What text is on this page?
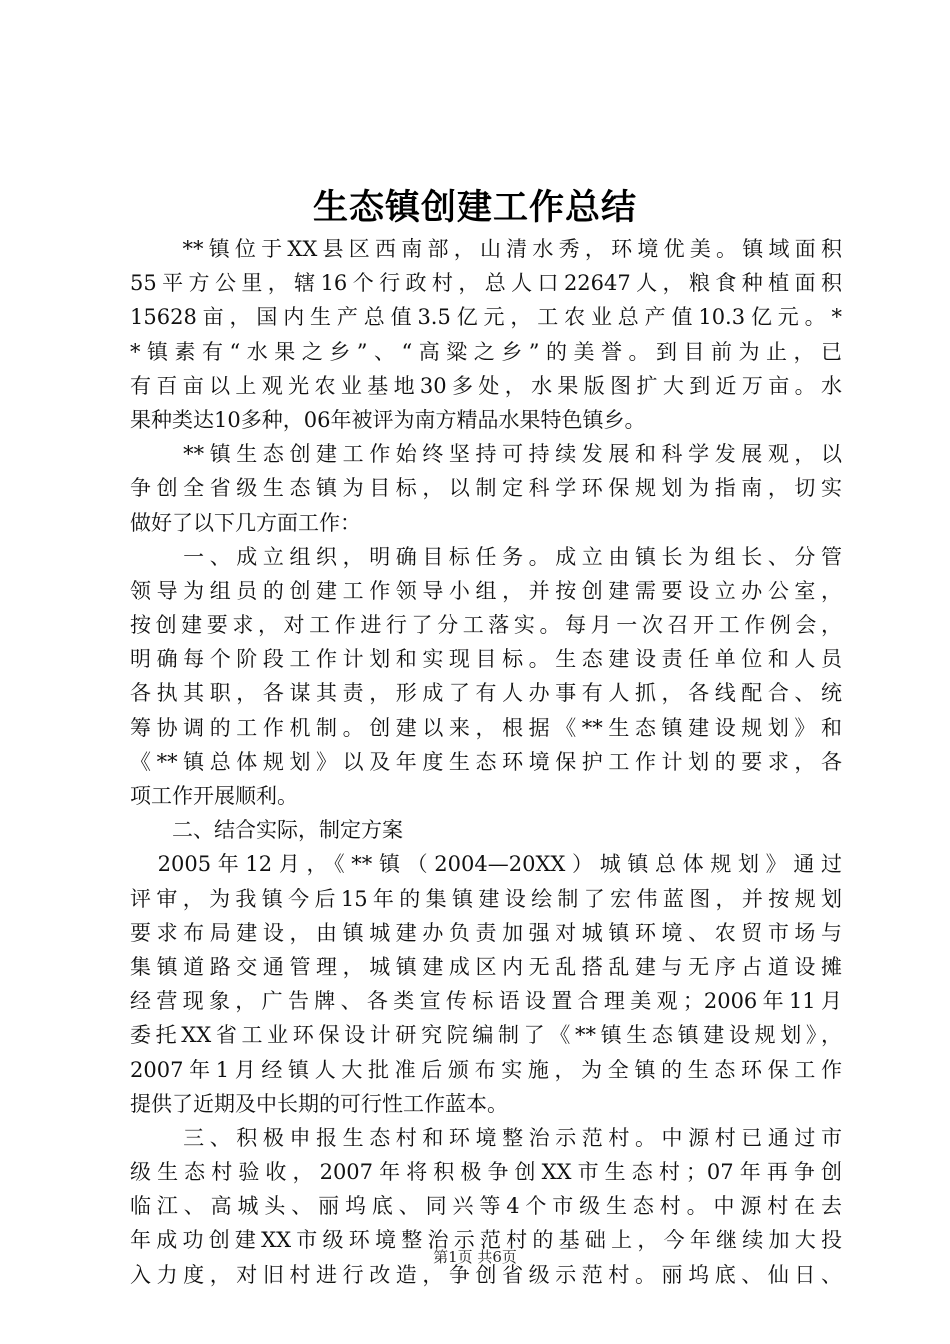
生态镇创建工作总结
　　**镇位于XX县区西南部，山清水秀，环境优美。镇域面积
55平方公里，辖16个行政村，总人口22647人，粮食种植面积
15628亩，国内生产总值3.5亿元，工农业总产值10.3亿元。*
*镇素有“水果之乡”、“高粱之乡”的美誉。到目前为止，已
有百亩以上观光农业基地30多处，水果版图扩大到近万亩。水
果种类达10多种，06年被评为南方精品水果特色镇乡。
　　**镇生态创建工作始终坚持可持续发展和科学发展观，以
争创全省级生态镇为目标，以制定科学环保规划为指南，切实
做好了以下几方面工作：
　　一、成立组织，明确目标任务。成立由镇长为组长、分管
领导为组员的创建工作领导小组，并按创建需要设立办公室，
按创建要求，对工作进行了分工落实。每月一次召开工作例会，
明确每个阶段工作计划和实现目标。生态建设责任单位和人员
各执其职，各谋其责，形成了有人办事有人抓，各线配合、统
筹协调的工作机制。创建以来，根据《**生态镇建设规划》和
《**镇总体规划》以及年度生态环境保护工作计划的要求，各
项工作开展顺利。
　　二、结合实际，制定方案
　2005年12月，《**镇（2004—20XX）城镇总体规划》通过
评审，为我镇今后15年的集镇建设绘制了宏伟蓝图，并按规划
要求布局建设，由镇城建办负责加强对城镇环境、农贸市场与
集镇道路交通管理，城镇建成区内无乱搭乱建与无序占道设摊
经营现象，广告牌、各类宣传标语设置合理美观；2006年11月
委托XX省工业环保设计研究院编制了《**镇生态镇建设规划》，
2007年1月经镇人大批准后颁布实施，为全镇的生态环保工作
提供了近期及中长期的可行性工作蓝本。
　　三、积极申报生态村和环境整治示范村。中源村已通过市
级生态村验收，2007年将积极争创XX市生态村；07年再争创
临江、高城头、丽坞底、同兴等4个市级生态村。中源村在去
年成功创建XX市级环境整治示范村的基础上，今年继续加大投
入力度，对旧村进行改造，争创省级示范村。丽坞底、仙日、
第1页 共6页
